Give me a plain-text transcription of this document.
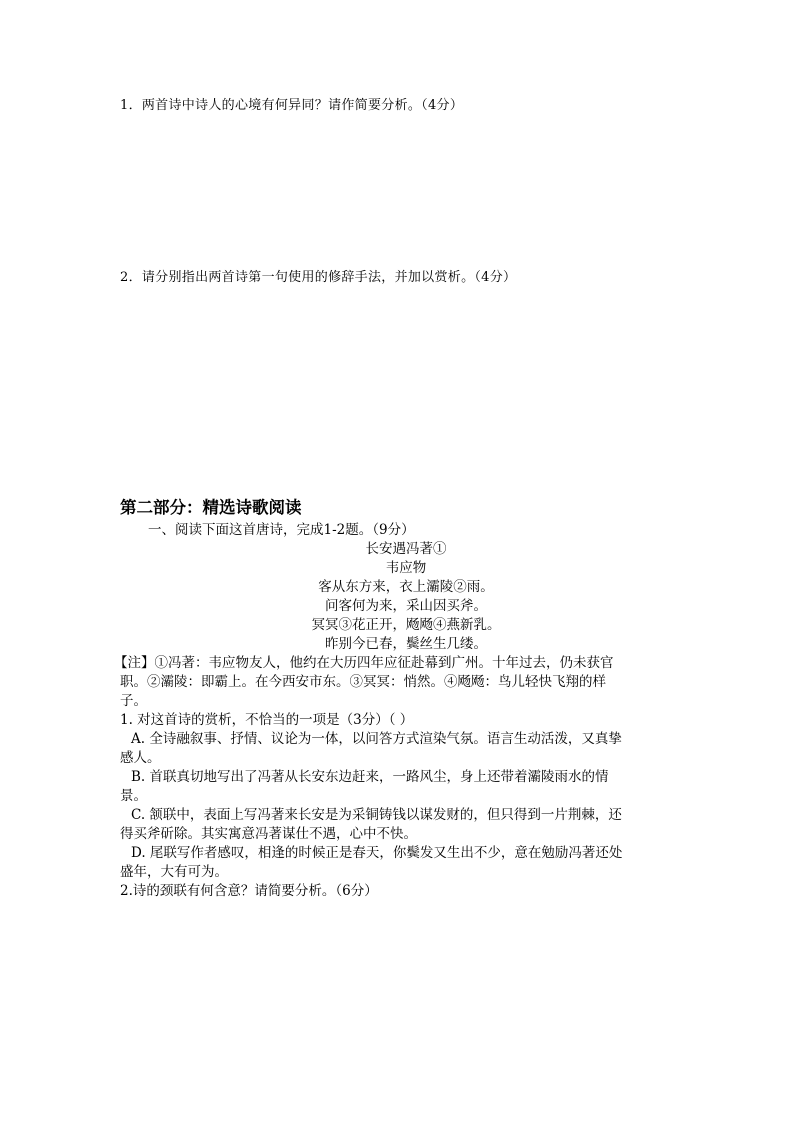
1．两首诗中诗人的心境有何异同？请作简要分析。（4分）
2．请分别指出两首诗第一句使用的修辞手法，并加以赏析。（4分）
第二部分：精选诗歌阅读
一、阅读下面这首唐诗，完成1-2题。（9分）
长安遇冯著①
韦应物
客从东方来，衣上灞陵②雨。
问客何为来，采山因买斧。
冥冥③花正开，飏飏④燕新乳。
昨别今已春，鬓丝生几缕。
【注】①冯著：韦应物友人，他约在大历四年应征赴幕到广州。十年过去，仍未获官
职。②灞陵：即霸上。在今西安市东。③冥冥：悄然。④飏飏：鸟儿轻快飞翔的样
子。
1. 对这首诗的赏析，不恰当的一项是（3分）（ ）
A. 全诗融叙事、抒情、议论为一体，以问答方式渲染气氛。语言生动活泼，又真挚
感人。
B. 首联真切地写出了冯著从长安东边赶来，一路风尘，身上还带着灞陵雨水的情
景。
C. 颔联中，表面上写冯著来长安是为采铜铸钱以谋发财的，但只得到一片荆棘，还
得买斧斫除。其实寓意冯著谋仕不遇，心中不快。
D. 尾联写作者感叹，相逢的时候正是春天，你鬓发又生出不少，意在勉励冯著还处
盛年，大有可为。
2.诗的颈联有何含意？请简要分析。（6分）
